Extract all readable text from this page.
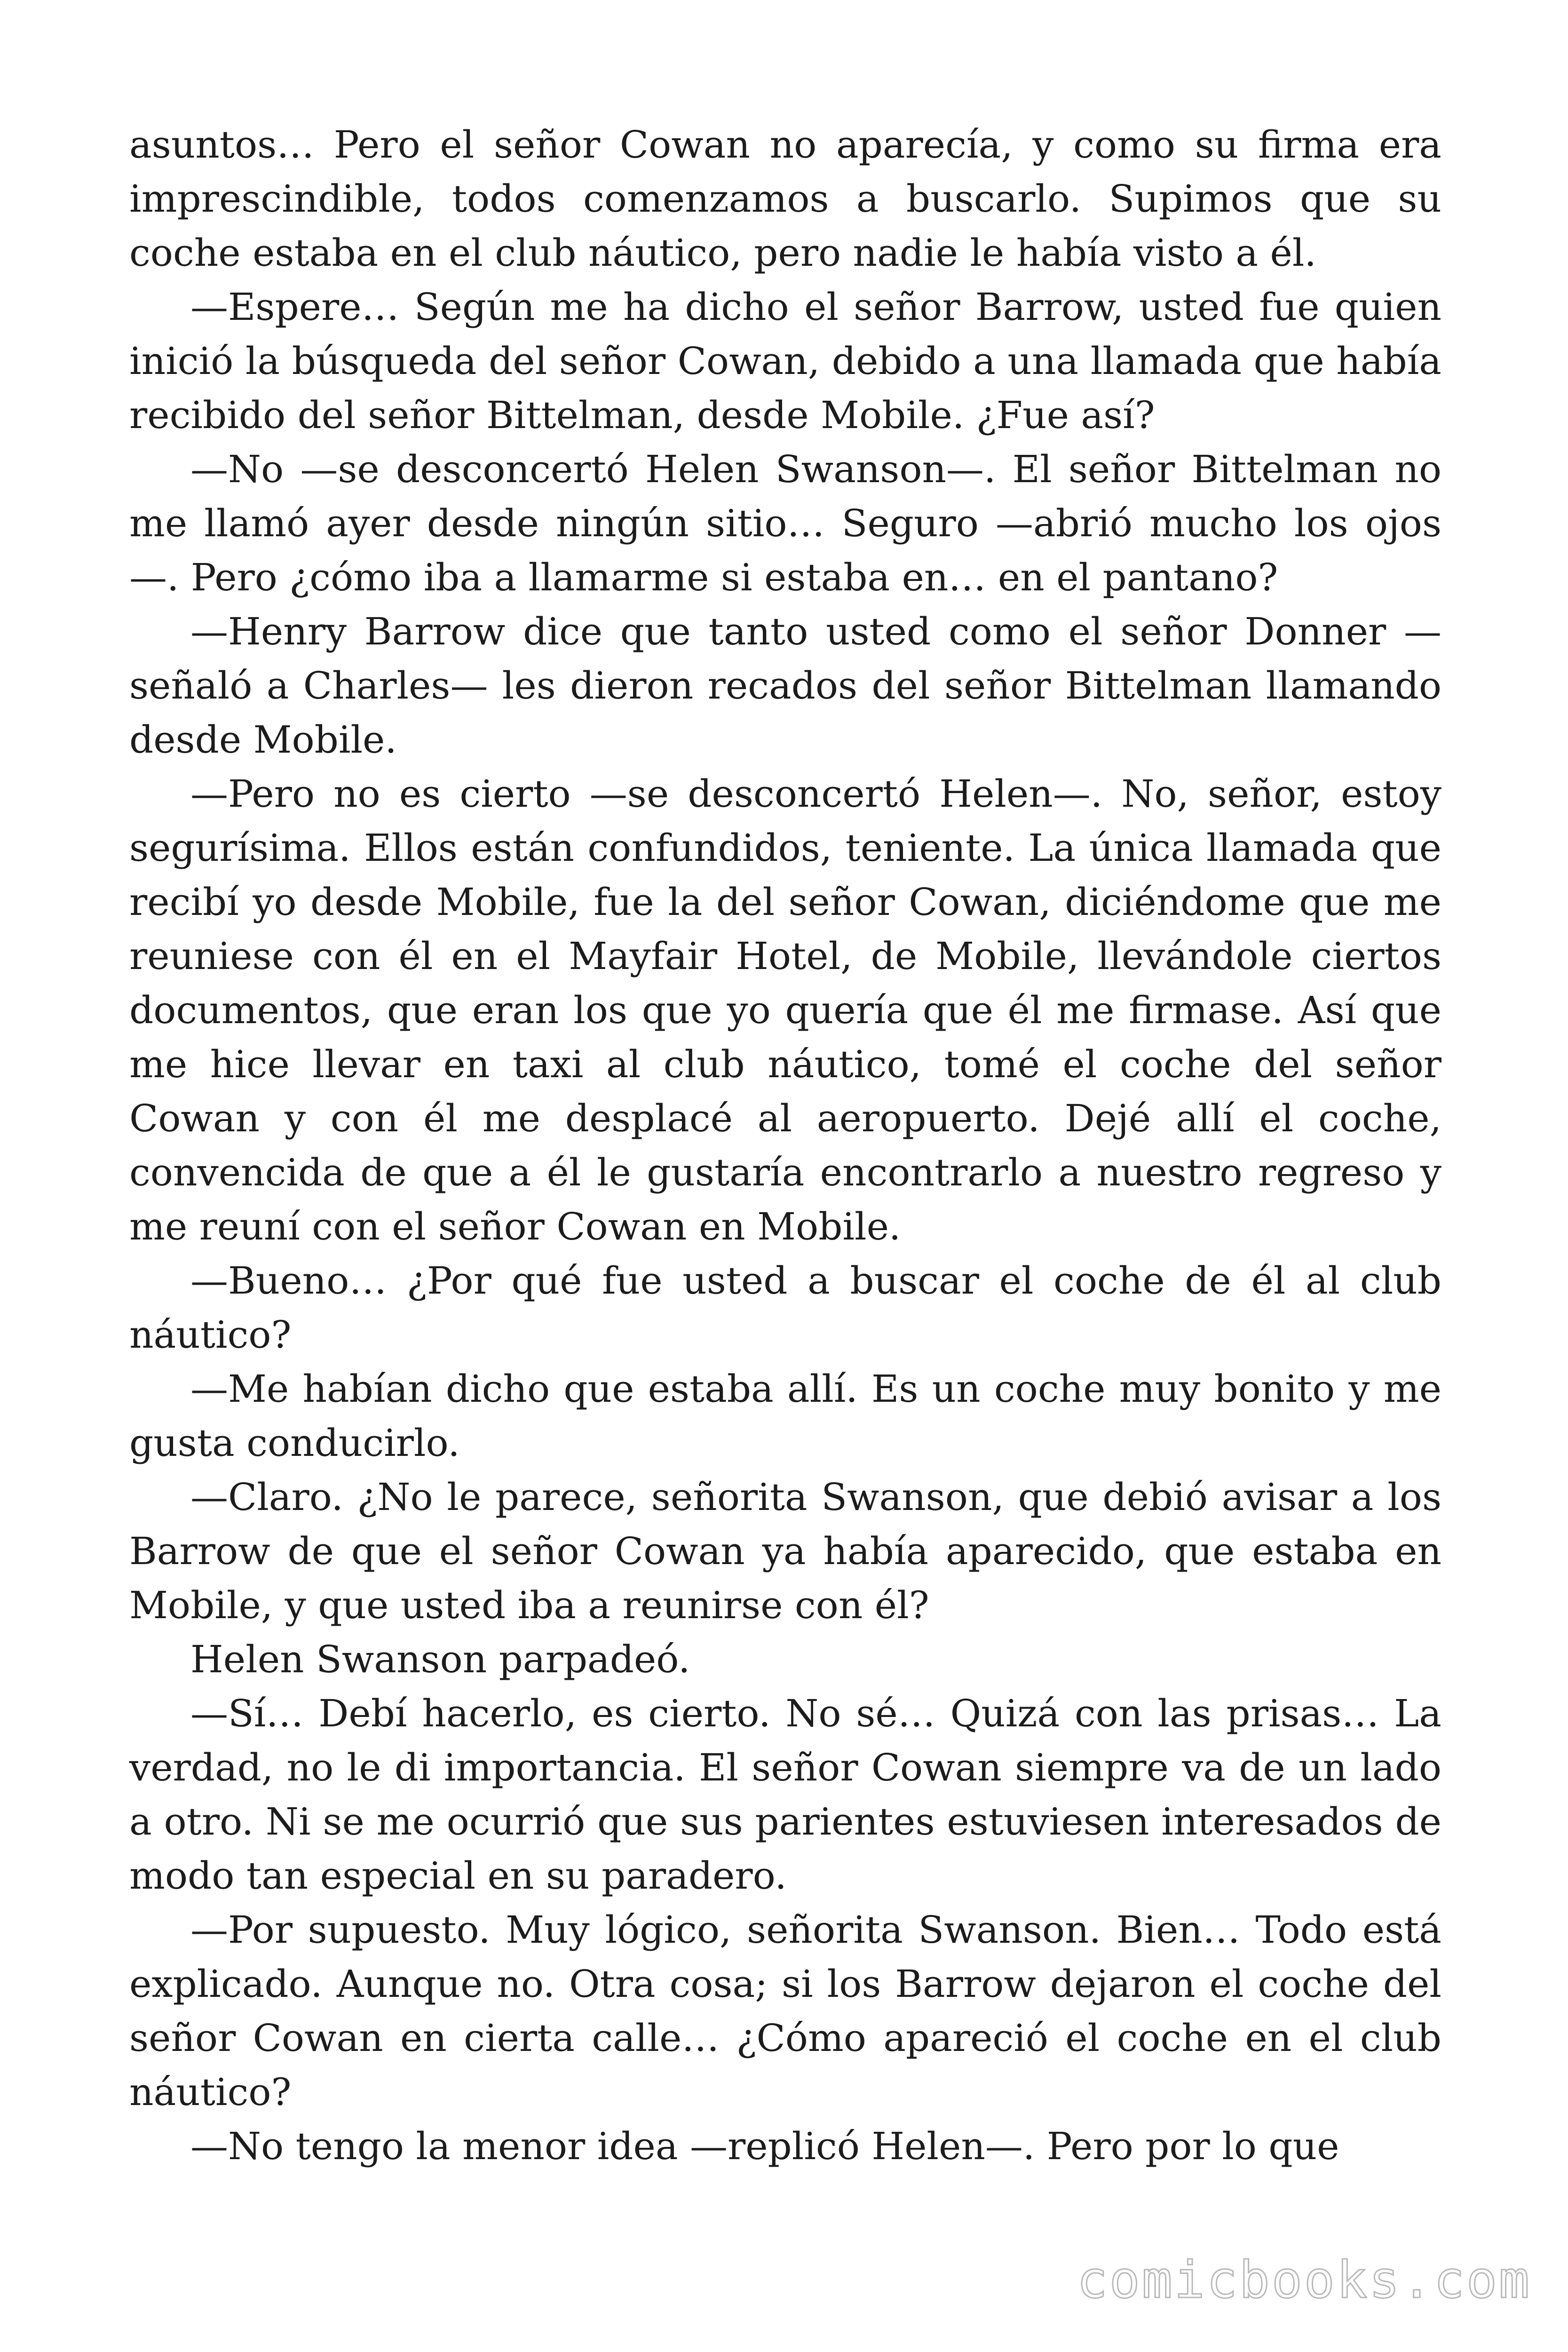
asuntos… Pero el señor Cowan no aparecía, y como su firma era imprescindible, todos comenzamos a buscarlo. Supimos que su coche estaba en el club náutico, pero nadie le había visto a él.

—Espere… Según me ha dicho el señor Barrow, usted fue quien inició la búsqueda del señor Cowan, debido a una llamada que había recibido del señor Bittelman, desde Mobile. ¿Fue así?

—No —se desconcertó Helen Swanson—. El señor Bittelman no me llamó ayer desde ningún sitio… Seguro —abrió mucho los ojos —. Pero ¿cómo iba a llamarme si estaba en… en el pantano?

—Henry Barrow dice que tanto usted como el señor Donner —señaló a Charles— les dieron recados del señor Bittelman llamando desde Mobile.

—Pero no es cierto —se desconcertó Helen—. No, señor, estoy segurísima. Ellos están confundidos, teniente. La única llamada que recibí yo desde Mobile, fue la del señor Cowan, diciéndome que me reuniese con él en el Mayfair Hotel, de Mobile, llevándole ciertos documentos, que eran los que yo quería que él me firmase. Así que me hice llevar en taxi al club náutico, tomé el coche del señor Cowan y con él me desplacé al aeropuerto. Dejé allí el coche, convencida de que a él le gustaría encontrarlo a nuestro regreso y me reuní con el señor Cowan en Mobile.

—Bueno… ¿Por qué fue usted a buscar el coche de él al club náutico?

—Me habían dicho que estaba allí. Es un coche muy bonito y me gusta conducirlo.

—Claro. ¿No le parece, señorita Swanson, que debió avisar a los Barrow de que el señor Cowan ya había aparecido, que estaba en Mobile, y que usted iba a reunirse con él?

Helen Swanson parpadeó.

—Sí… Debí hacerlo, es cierto. No sé… Quizá con las prisas… La verdad, no le di importancia. El señor Cowan siempre va de un lado a otro. Ni se me ocurrió que sus parientes estuviesen interesados de modo tan especial en su paradero.

—Por supuesto. Muy lógico, señorita Swanson. Bien… Todo está explicado. Aunque no. Otra cosa; si los Barrow dejaron el coche del señor Cowan en cierta calle… ¿Cómo apareció el coche en el club náutico?

—No tengo la menor idea —replicó Helen—. Pero por lo que

comicbooks.com
